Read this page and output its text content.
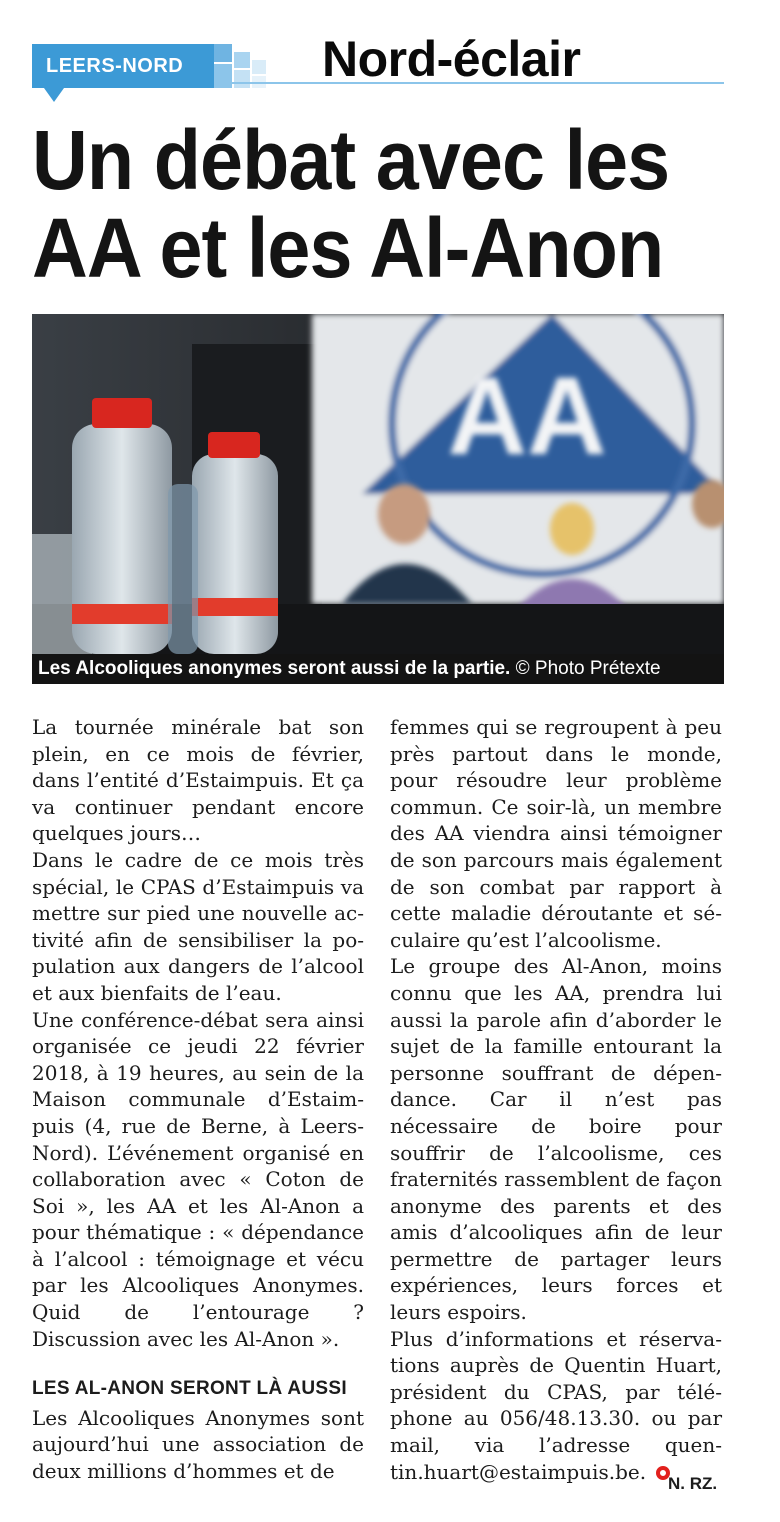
LEERS-NORD	Nord-éclair
Un débat avec les
AA et les Al-Anon
AA
Les Alcooliques anonymes seront aussi de la partie. © Photo Prétexte

La tournée minérale bat son plein, en ce mois de février, dans l’entité d’Estaimpuis. Et ça va continuer pendant encore quelques jours…

Dans le cadre de ce mois très spécial, le CPAS d’Estaimpuis va mettre sur pied une nouvelle activité afin de sensibiliser la population aux dangers de l’alcool et aux bienfaits de l’eau.

Une conférence-débat sera ainsi organisée ce jeudi 22 février 2018, à 19 heures, au sein de la Maison communale d’Estaimpuis (4, rue de Berne, à Leers-Nord). L’événement organisé en collaboration avec « Coton de Soi », les AA et les Al-Anon a pour thématique : « dépendance à l’alcool : témoignage et vécu par les Alcooliques Anonymes. Quid de l’entourage ? Discussion avec les Al-Anon ».

LES AL-ANON SERONT LÀ AUSSI

Les Alcooliques Anonymes sont aujourd’hui une association de deux millions d’hommes et de

femmes qui se regroupent à peu près partout dans le monde, pour résoudre leur problème commun. Ce soir-là, un membre des AA viendra ainsi témoigner de son parcours mais également de son combat par rapport à cette maladie déroutante et séculaire qu’est l’alcoolisme.

Le groupe des Al-Anon, moins connu que les AA, prendra lui aussi la parole afin d’aborder le sujet de la famille entourant la personne souffrant de dépendance. Car il n’est pas nécessaire de boire pour souffrir de l’alcoolisme, ces fraternités rassemblent de façon anonyme des parents et des amis d’alcooliques afin de leur permettre de partager leurs expériences, leurs forces et leurs espoirs.

Plus d’informations et réservations auprès de Quentin Huart, président du CPAS, par téléphone au 056/48.13.30. ou par mail, via l’adresse quentin.huart@estaimpuis.be.	N. RZ.
